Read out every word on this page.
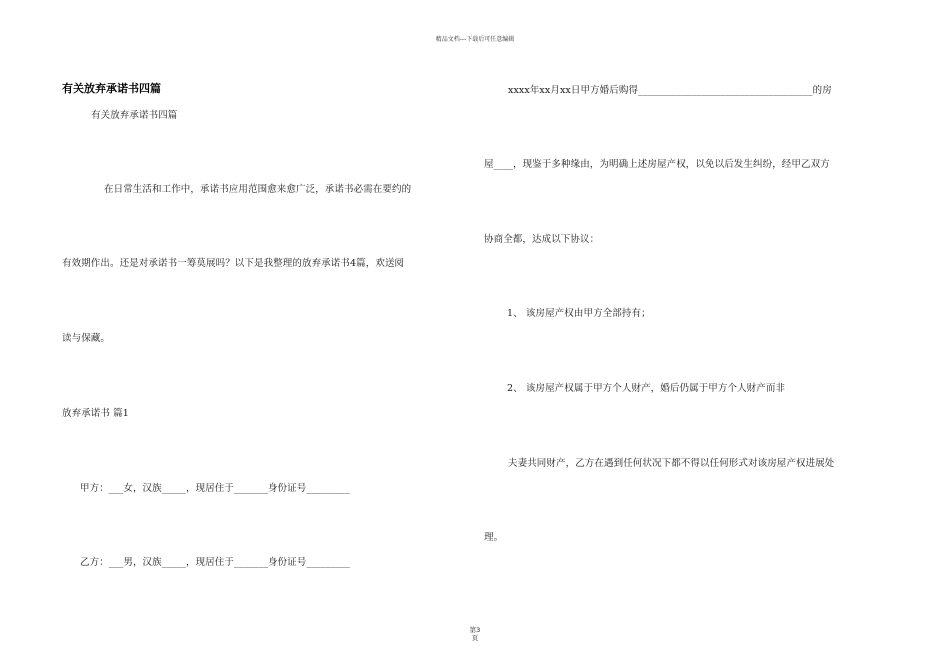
精品文档---下载后可任意编辑
有关放弃承诺书四篇
有关放弃承诺书四篇
在日常生活和工作中，承诺书应用范围愈来愈广泛，承诺书必需在要约的
有效期作出。还是对承诺书一筹莫展吗？以下是我整理的放弃承诺书4篇，欢送阅
读与保藏。
放弃承诺书 篇1
甲方：___女，汉族_____，现居住于_______身份证号_________
乙方：___男，汉族_____，现居住于_______身份证号_________
xxxx年xx月xx日甲方婚后购得____________________________________的房
屋____，现鉴于多种缘由，为明确上述房屋产权，以免以后发生纠纷，经甲乙双方
协商全都，达成以下协议：
1、 该房屋产权由甲方全部持有；
2、 该房屋产权属于甲方个人财产，婚后仍属于甲方个人财产而非
夫妻共同财产，乙方在遇到任何状况下都不得以任何形式对该房屋产权进展处
理。
第3
页
